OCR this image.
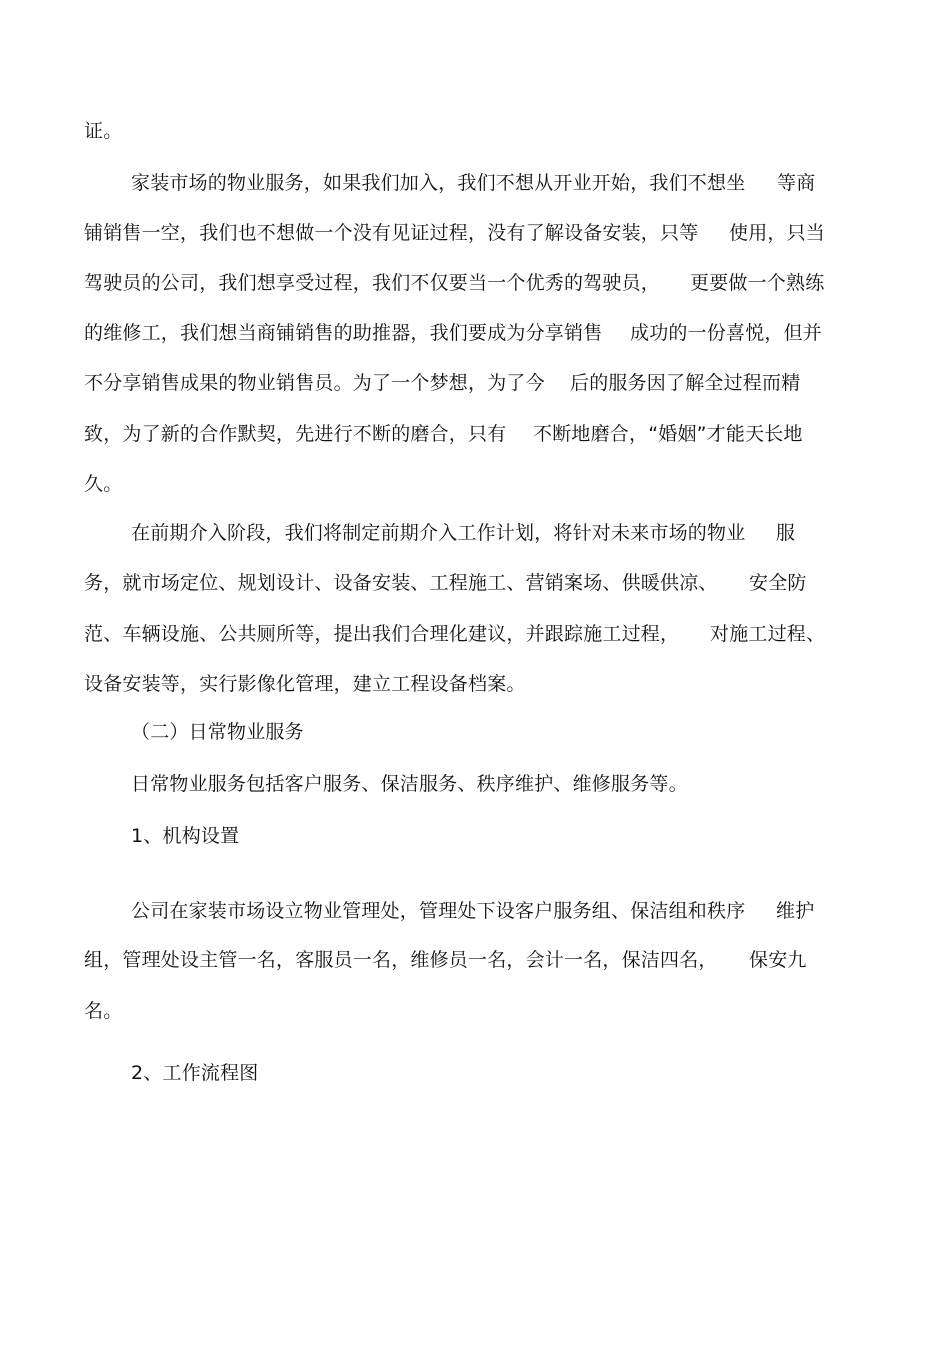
证。
家装市场的物业服务，如果我们加入，我们不想从开业开始，我们不想坐 等商
铺销售一空，我们也不想做一个没有见证过程，没有了解设备安装，只等 使用，只当
驾驶员的公司，我们想享受过程，我们不仅要当一个优秀的驾驶员， 更要做一个熟练
的维修工，我们想当商铺销售的助推器，我们要成为分享销售 成功的一份喜悦，但并
不分享销售成果的物业销售员。为了一个梦想，为了今 后的服务因了解全过程而精
致，为了新的合作默契，先进行不断的磨合，只有 不断地磨合，“婚姻”才能天长地
久。
在前期介入阶段，我们将制定前期介入工作计划，将针对未来市场的物业 服
务，就市场定位、规划设计、设备安装、工程施工、营销案场、供暖供凉、 安全防
范、车辆设施、公共厕所等，提出我们合理化建议，并跟踪施工过程， 对施工过程、
设备安装等，实行影像化管理，建立工程设备档案。
（二）日常物业服务
日常物业服务包括客户服务、保洁服务、秩序维护、维修服务等。
1、机构设置
公司在家装市场设立物业管理处，管理处下设客户服务组、保洁组和秩序 维护
组，管理处设主管一名，客服员一名，维修员一名，会计一名，保洁四名， 保安九
名。
2、工作流程图
